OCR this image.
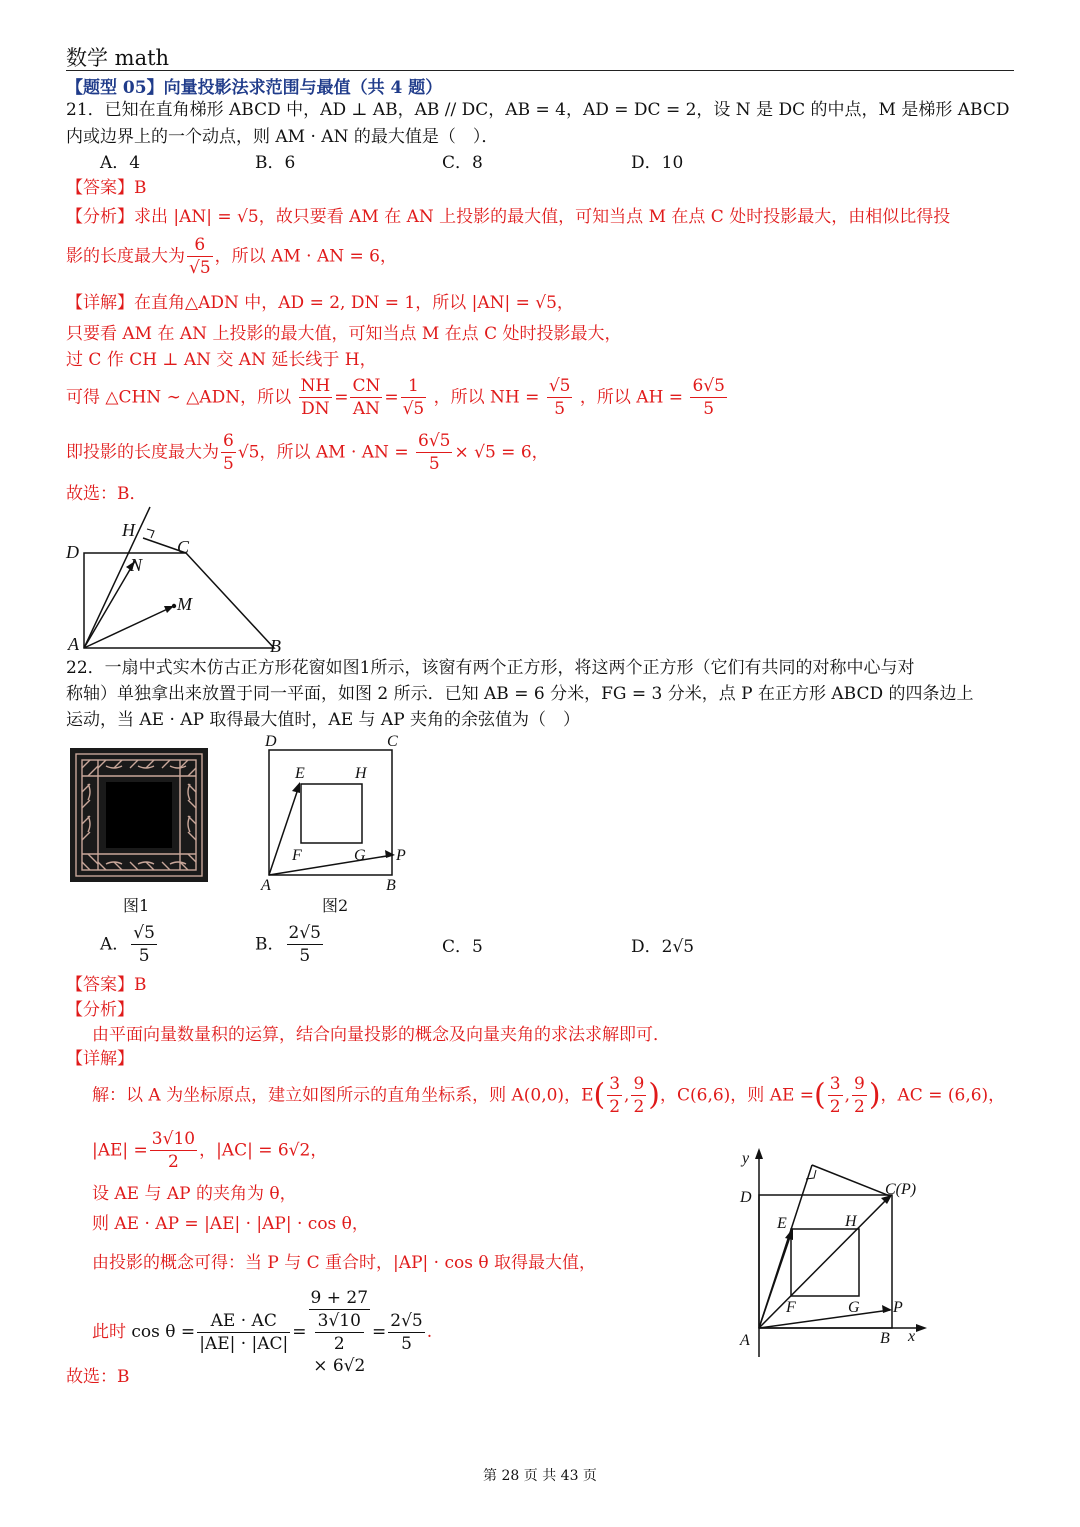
数学 math
【题型 05】向量投影法求范围与最值（共 4 题）
21．已知在直角梯形 ABCD 中，AD ⊥ AB，AB // DC，AB = 4，AD = DC = 2，设 N 是 DC 的中点，M 是梯形 ABCD
内或边界上的一个动点，则 AM · AN 的最大值是（　）．
A．4	B．6	C．8	D．10
【答案】B
【分析】求出 |AN| = √5，故只要看 AM 在 AN 上投影的最大值，可知当点 M 在点 C 处时投影最大，由相似比得投
影的长度最大为 $\frac{6}{√5}$ ，所以 AM · AN = 6，
【详解】在直角△ADN 中，AD = 2, DN = 1，所以 |AN| = √5，
只要看 AM 在 AN 上投影的最大值，可知当点 M 在点 C 处时投影最大，
过 C 作 CH ⊥ AN 交 AN 延长线于 H，
可得 △CHN ∼ △ADN，所以 $\frac{NH}{DN} = \frac{CN}{AN} = \frac{1}{√5}$ ，所以 NH = $\frac{√5}{5}$ ，所以 AH = $\frac{6√5}{5}$
即投影的长度最大为 $\frac{6}{5} √5$，所以 AM · AN = $\frac{6√5}{5} \times √5 = 6$，
故选：B．
D	C
H
N
M
A	B
22．一扇中式实木仿古正方形花窗如图1所示，该窗有两个正方形，将这两个正方形（它们有共同的对称中心与对
称轴）单独拿出来放置于同一平面，如图 2 所示．已知 AB = 6 分米，FG = 3 分米，点 P 在正方形 ABCD 的四条边上
运动，当 AE · AP 取得最大值时，AE 与 AP 夹角的余弦值为（　）
图1
D	C
E	H
F	G P
A	B
图2
A． $\frac{√5}{5}$	B． $\frac{2√5}{5}$	C．5	D．2√5
【答案】B
【分析】
由平面向量数量积的运算，结合向量投影的概念及向量夹角的求法求解即可．
【详解】
解：以 A 为坐标原点，建立如图所示的直角坐标系，则 A(0,0)，$E( \frac{3}{2}$ , $\frac{9}{2}$ )，C(6,6)，则 AE =( $\frac{3}{2}$ , $\frac{9}{2}$ )，AC = (6,6)，
$|AE| = \frac{3√10}{2}$ ，|AC| = 6√2，
设 AE 与 AP 的夹角为 θ，
则 AE · AP = |AE| · |AP| · cos θ，
由投影的概念可得：当 P 与 C 重合时，|AP| · cos θ 取得最大值，
此时 $\cos \theta = \frac{AE \cdot AC}{|AE| \cdot |AC|} = 9 + 27$
3√10
2
× $6√2 = \frac{2√5}{5}$ .
故选：B
y
D	C(P)
E	H
F	G P
A	B x
第 28 页 共 43 页
